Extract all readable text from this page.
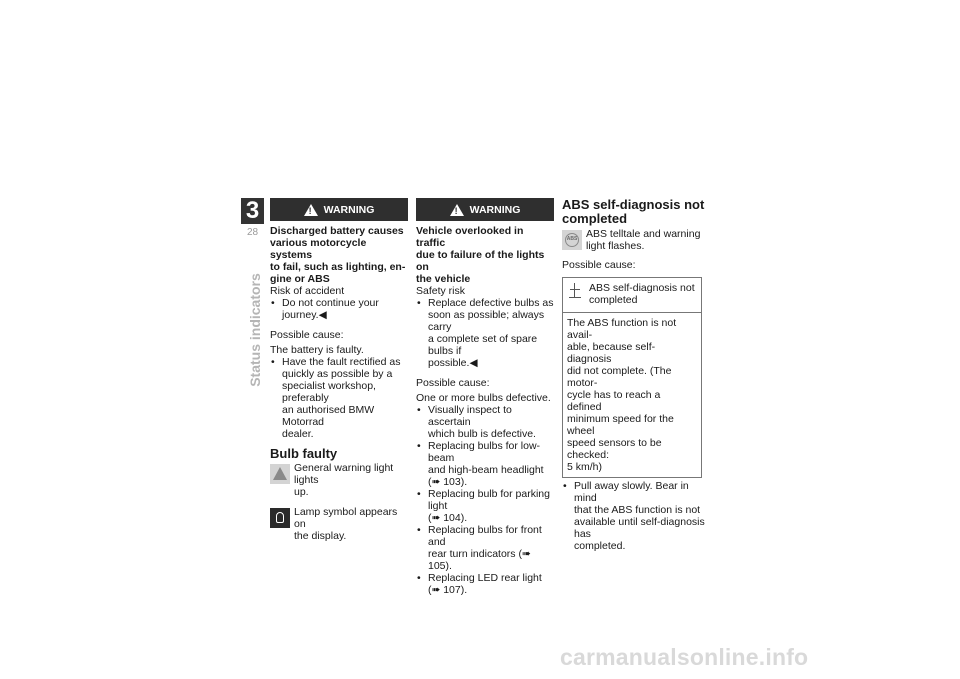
3
28
Status indicators
!
WARNING
Discharged battery causes
various motorcycle systems
to fail, such as lighting, en-
gine or ABS
Risk of accident
• Do not continue your journey.◀
Possible cause:
The battery is faulty.
• Have the fault rectified as
quickly as possible by a
specialist workshop, preferably
an authorised BMW Motorrad
dealer.
Bulb faulty
General warning light lights
up.
Lamp symbol appears on
the display.
!
WARNING
Vehicle overlooked in traffic
due to failure of the lights on
the vehicle
Safety risk
• Replace defective bulbs as
soon as possible; always carry
a complete set of spare bulbs if
possible.◀
Possible cause:
One or more bulbs defective.
• Visually inspect to ascertain
which bulb is defective.
• Replacing bulbs for low-beam
and high-beam headlight
(➠ 103).
• Replacing bulb for parking light
(➠ 104).
• Replacing bulbs for front and
rear turn indicators (➠ 105).
• Replacing LED rear light
(➠ 107).
ABS self-diagnosis not
completed
ABS ABS telltale and warning
light flashes.
Possible cause:
ABS self-diagnosis not
completed
The ABS function is not avail-
able, because self-diagnosis
did not complete. (The motor-
cycle has to reach a defined
minimum speed for the wheel
speed sensors to be checked:
5 km/h)
• Pull away slowly. Bear in mind
that the ABS function is not
available until self-diagnosis has
completed.
carmanualsonline.info
